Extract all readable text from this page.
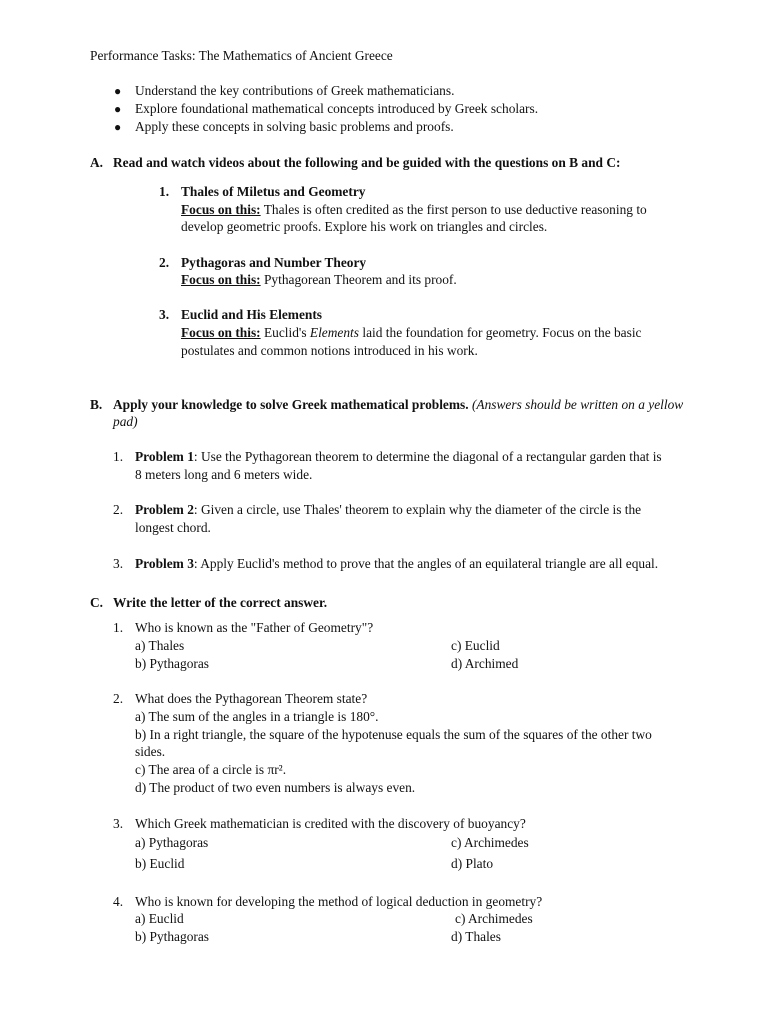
Performance Tasks: The Mathematics of Ancient Greece
● Understand the key contributions of Greek mathematicians.
● Explore foundational mathematical concepts introduced by Greek scholars.
● Apply these concepts in solving basic problems and proofs.
A. Read and watch videos about the following and be guided with the questions on B and C:
1. Thales of Miletus and Geometry
Focus on this: Thales is often credited as the first person to use deductive reasoning to
develop geometric proofs. Explore his work on triangles and circles.
2. Pythagoras and Number Theory
Focus on this: Pythagorean Theorem and its proof.
3. Euclid and His Elements
Focus on this: Euclid's Elements laid the foundation for geometry. Focus on the basic
postulates and common notions introduced in his work.
B. Apply your knowledge to solve Greek mathematical problems. (Answers should be written on a yellow
pad)
1. Problem 1: Use the Pythagorean theorem to determine the diagonal of a rectangular garden that is
8 meters long and 6 meters wide.
2. Problem 2: Given a circle, use Thales' theorem to explain why the diameter of the circle is the
longest chord.
3. Problem 3: Apply Euclid's method to prove that the angles of an equilateral triangle are all equal.
C. Write the letter of the correct answer.
1. Who is known as the "Father of Geometry"?
a) Thales	c) Euclid
b) Pythagoras	d) Archimed
2. What does the Pythagorean Theorem state?
a) The sum of the angles in a triangle is 180°.
b) In a right triangle, the square of the hypotenuse equals the sum of the squares of the other two
sides.
c) The area of a circle is πr².
d) The product of two even numbers is always even.
3. Which Greek mathematician is credited with the discovery of buoyancy?
a) Pythagoras	c) Archimedes
b) Euclid	d) Plato
4. Who is known for developing the method of logical deduction in geometry?
a) Euclid	c) Archimedes
b) Pythagoras	d) Thales
